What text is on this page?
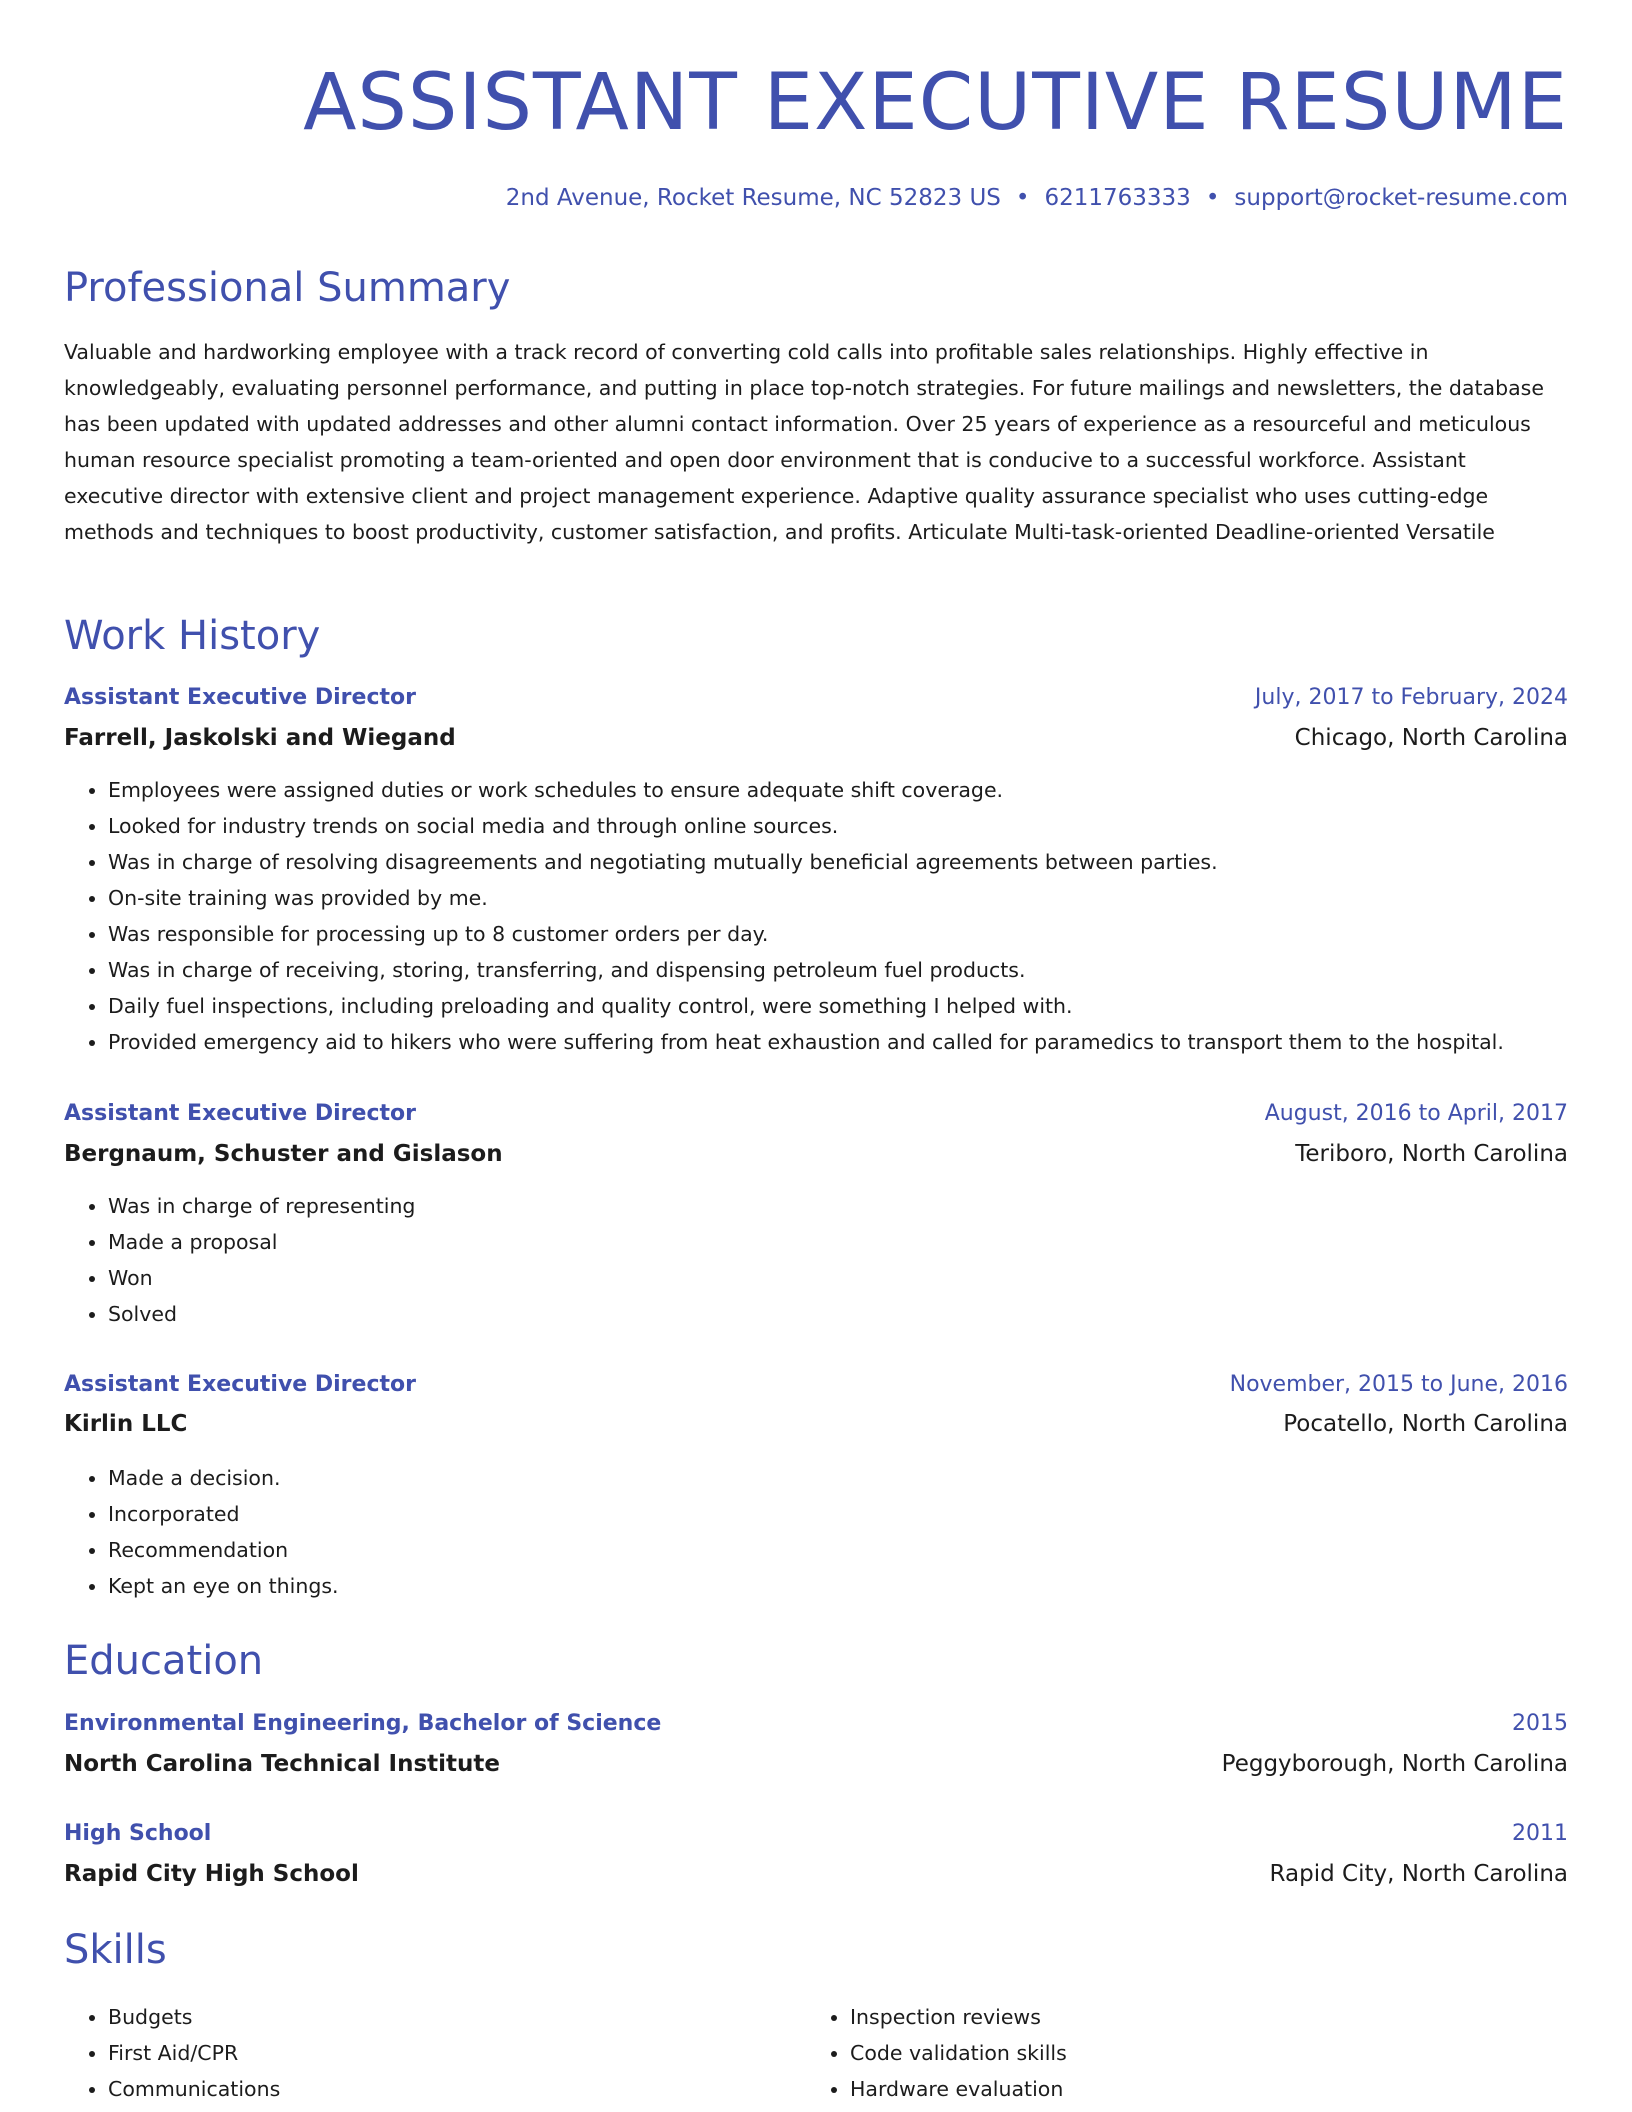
ASSISTANT EXECUTIVE RESUME
2nd Avenue, Rocket Resume, NC 52823 US • 6211763333 • support@rocket-resume.com
Professional Summary
Valuable and hardworking employee with a track record of converting cold calls into profitable sales relationships. Highly effective in knowledgeably, evaluating personnel performance, and putting in place top-notch strategies. For future mailings and newsletters, the database has been updated with updated addresses and other alumni contact information. Over 25 years of experience as a resourceful and meticulous human resource specialist promoting a team-oriented and open door environment that is conducive to a successful workforce. Assistant executive director with extensive client and project management experience. Adaptive quality assurance specialist who uses cutting-edge methods and techniques to boost productivity, customer satisfaction, and profits. Articulate Multi-task-oriented Deadline-oriented Versatile
Work History
Assistant Executive Director	July, 2017 to February, 2024
Farrell, Jaskolski and Wiegand	Chicago, North Carolina
• Employees were assigned duties or work schedules to ensure adequate shift coverage.
• Looked for industry trends on social media and through online sources.
• Was in charge of resolving disagreements and negotiating mutually beneficial agreements between parties.
• On-site training was provided by me.
• Was responsible for processing up to 8 customer orders per day.
• Was in charge of receiving, storing, transferring, and dispensing petroleum fuel products.
• Daily fuel inspections, including preloading and quality control, were something I helped with.
• Provided emergency aid to hikers who were suffering from heat exhaustion and called for paramedics to transport them to the hospital.
Assistant Executive Director	August, 2016 to April, 2017
Bergnaum, Schuster and Gislason	Teriboro, North Carolina
• Was in charge of representing
• Made a proposal
• Won
• Solved
Assistant Executive Director	November, 2015 to June, 2016
Kirlin LLC	Pocatello, North Carolina
• Made a decision.
• Incorporated
• Recommendation
• Kept an eye on things.
Education
Environmental Engineering, Bachelor of Science	2015
North Carolina Technical Institute	Peggyborough, North Carolina
High School	2011
Rapid City High School	Rapid City, North Carolina
Skills
• Budgets
• First Aid/CPR
• Communications
• Inspection reviews
• Code validation skills
• Hardware evaluation
